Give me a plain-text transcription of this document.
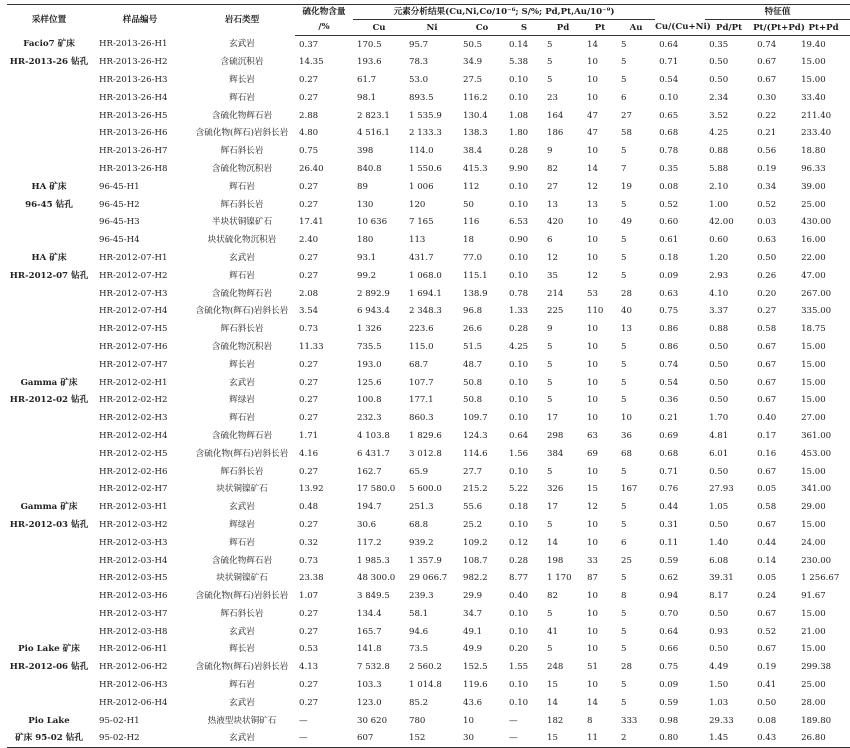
采样位置	样品编号	岩石类型	硫化物含量	元素分析结果(Cu,Ni,Co/10⁻⁶; S/%; Pd,Pt,Au/10⁻⁹)								特征值		
			/%	Cu	Ni	Co	S	Pd	Pt	Au	Cu/(Cu+Ni)	Pd/Pt	Pt/(Pt+Pd)	Pt+Pd
Facio7 矿床	HR-2013-26-H1	玄武岩	0.37	170.5	95.7	50.5	0.14	5	14	5	0.64	0.35	0.74	19.40
HR-2013-26 钻孔	HR-2013-26-H2	含硫沉积岩	14.35	193.6	78.3	34.9	5.38	5	10	5	0.71	0.50	0.67	15.00
	HR-2013-26-H3	辉长岩	0.27	61.7	53.0	27.5	0.10	5	10	5	0.54	0.50	0.67	15.00
	HR-2013-26-H4	辉石岩	0.27	98.1	893.5	116.2	0.10	23	10	6	0.10	2.34	0.30	33.40
	HR-2013-26-H5	含硫化物辉石岩	2.88	2 823.1	1 535.9	130.4	1.08	164	47	27	0.65	3.52	0.22	211.40
	HR-2013-26-H6	含硫化物(辉石)岩斜长岩	4.80	4 516.1	2 133.3	138.3	1.80	186	47	58	0.68	4.25	0.21	233.40
	HR-2013-26-H7	辉石斜长岩	0.75	398	114.0	38.4	0.28	9	10	5	0.78	0.88	0.56	18.80
	HR-2013-26-H8	含硫化物沉积岩	26.40	840.8	1 550.6	415.3	9.90	82	14	7	0.35	5.88	0.19	96.33
HA 矿床	96-45-H1	辉石岩	0.27	89	1 006	112	0.10	27	12	19	0.08	2.10	0.34	39.00
96-45 钻孔	96-45-H2	辉石斜长岩	0.27	130	120	50	0.10	13	13	5	0.52	1.00	0.52	25.00
	96-45-H3	半块状铜镍矿石	17.41	10 636	7 165	116	6.53	420	10	49	0.60	42.00	0.03	430.00
	96-45-H4	块状硫化物沉积岩	2.40	180	113	18	0.90	6	10	5	0.61	0.60	0.63	16.00
HA 矿床	HR-2012-07-H1	玄武岩	0.27	93.1	431.7	77.0	0.10	12	10	5	0.18	1.20	0.50	22.00
HR-2012-07 钻孔	HR-2012-07-H2	辉石岩	0.27	99.2	1 068.0	115.1	0.10	35	12	5	0.09	2.93	0.26	47.00
	HR-2012-07-H3	含硫化物辉石岩	2.08	2 892.9	1 694.1	138.9	0.78	214	53	28	0.63	4.10	0.20	267.00
	HR-2012-07-H4	含硫化物(辉石)岩斜长岩	3.54	6 943.4	2 348.3	96.8	1.33	225	110	40	0.75	3.37	0.27	335.00
	HR-2012-07-H5	辉石斜长岩	0.73	1 326	223.6	26.6	0.28	9	10	13	0.86	0.88	0.58	18.75
	HR-2012-07-H6	含硫化物沉积岩	11.33	735.5	115.0	51.5	4.25	5	10	5	0.86	0.50	0.67	15.00
	HR-2012-07-H7	辉长岩	0.27	193.0	68.7	48.7	0.10	5	10	5	0.74	0.50	0.67	15.00
Gamma 矿床	HR-2012-02-H1	玄武岩	0.27	125.6	107.7	50.8	0.10	5	10	5	0.54	0.50	0.67	15.00
HR-2012-02 钻孔	HR-2012-02-H2	辉绿岩	0.27	100.8	177.1	50.8	0.10	5	10	5	0.36	0.50	0.67	15.00
	HR-2012-02-H3	辉石岩	0.27	232.3	860.3	109.7	0.10	17	10	10	0.21	1.70	0.40	27.00
	HR-2012-02-H4	含硫化物辉石岩	1.71	4 103.8	1 829.6	124.3	0.64	298	63	36	0.69	4.81	0.17	361.00
	HR-2012-02-H5	含硫化物(辉石)岩斜长岩	4.16	6 431.7	3 012.8	114.6	1.56	384	69	68	0.68	6.01	0.16	453.00
	HR-2012-02-H6	辉石斜长岩	0.27	162.7	65.9	27.7	0.10	5	10	5	0.71	0.50	0.67	15.00
	HR-2012-02-H7	块状铜镍矿石	13.92	17 580.0	5 600.0	215.2	5.22	326	15	167	0.76	27.93	0.05	341.00
Gamma 矿床	HR-2012-03-H1	玄武岩	0.48	194.7	251.3	55.6	0.18	17	12	5	0.44	1.05	0.58	29.00
HR-2012-03 钻孔	HR-2012-03-H2	辉绿岩	0.27	30.6	68.8	25.2	0.10	5	10	5	0.31	0.50	0.67	15.00
	HR-2012-03-H3	辉石岩	0.32	117.2	939.2	109.2	0.12	14	10	6	0.11	1.40	0.44	24.00
	HR-2012-03-H4	含硫化物辉石岩	0.73	1 985.3	1 357.9	108.7	0.28	198	33	25	0.59	6.08	0.14	230.00
	HR-2012-03-H5	块状铜镍矿石	23.38	48 300.0	29 066.7	982.2	8.77	1 170	87	5	0.62	39.31	0.05	1 256.67
	HR-2012-03-H6	含硫化物(辉石)岩斜长岩	1.07	3 849.5	239.3	29.9	0.40	82	10	8	0.94	8.17	0.24	91.67
	HR-2012-03-H7	辉石斜长岩	0.27	134.4	58.1	34.7	0.10	5	10	5	0.70	0.50	0.67	15.00
	HR-2012-03-H8	玄武岩	0.27	165.7	94.6	49.1	0.10	41	10	5	0.64	0.93	0.52	21.00
Pio Lake 矿床	HR-2012-06-H1	辉长岩	0.53	141.8	73.5	49.9	0.20	5	10	5	0.66	0.50	0.67	15.00
HR-2012-06 钻孔	HR-2012-06-H2	含硫化物(辉石)岩斜长岩	4.13	7 532.8	2 560.2	152.5	1.55	248	51	28	0.75	4.49	0.19	299.38
	HR-2012-06-H3	辉石岩	0.27	103.3	1 014.8	119.6	0.10	15	10	5	0.09	1.50	0.41	25.00
	HR-2012-06-H4	玄武岩	0.27	123.0	85.2	43.6	0.10	14	14	5	0.59	1.03	0.50	28.00
Pio Lake	95-02-H1	热液型块状铜矿石	—	30 620	780	10	—	182	8	333	0.98	29.33	0.08	189.80
矿床 95-02 钻孔	95-02-H2	玄武岩	—	607	152	30	—	15	11	2	0.80	1.45	0.43	26.80
